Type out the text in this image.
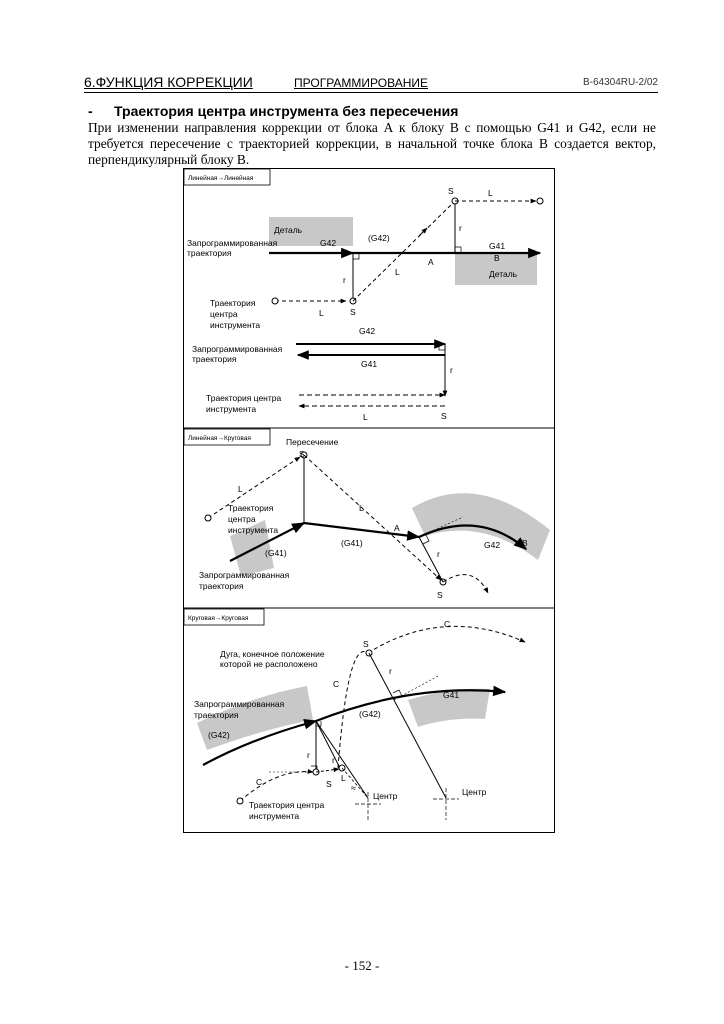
6.ФУНКЦИЯ КОРРЕКЦИИ	ПРОГРАММИРОВАНИЕ	B-64304RU-2/02
- Траектория центра инструмента без пересечения
При изменении направления коррекции от блока А к блоку В с помощью G41 и G42, если не требуется пересечение с траекторией коррекции, в начальной точке блока В создается вектор, перпендикулярный блоку В.
Линейная→Линейная
Деталь
Деталь
Запрограммированная
траектория
G42	(G42)
G41
A	B
r
r
S
S
L
L
L
Траектория
центра
инструмента
G42
G41
Запрограммированная
траектория
r
Траектория центра
инструмента
L	S
Линейная→Круговая	Пересечение
S
S
L
L
A
Траектория
центра
инструмента
(G41)
(G41)
r
G42	B
Запрограммированная
траектория
Круговая→Круговая
≈
S
C
Дуга, конечное положение
которой не расположено
r
C
G41
Запрограммированная
траектория
(G42)
(G42)
r	r
C	S
L
Центр	Центр
Траектория центра
инструмента
- 152 -
